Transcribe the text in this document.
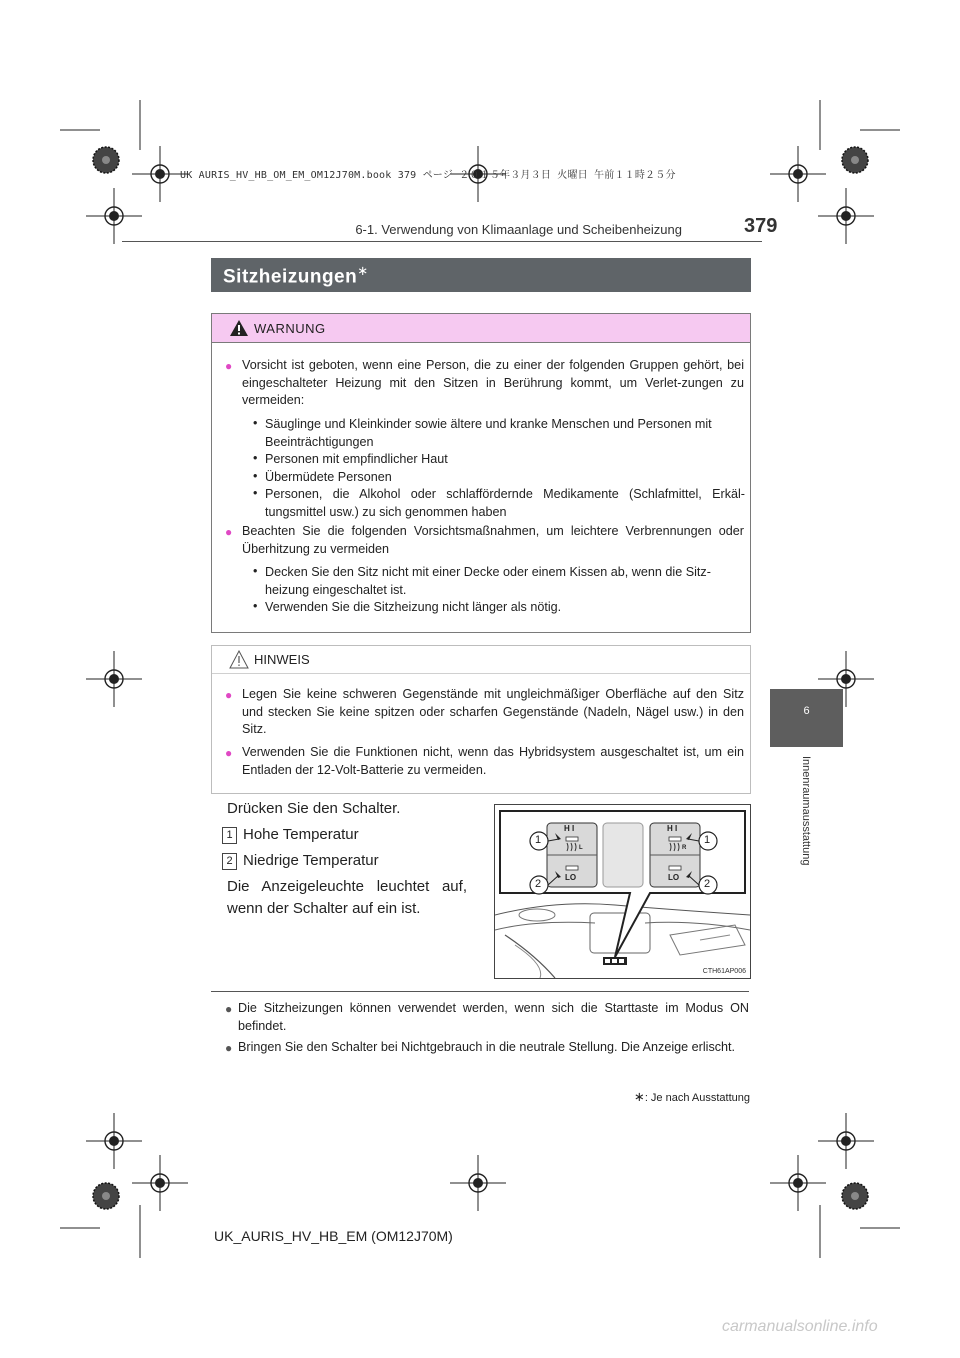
UK AURIS_HV_HB_OM_EM_OM12J70M.book 379 ページ ２０１５年３月３日 火曜日 午前１１時２５分
379
6-1. Verwendung von Klimaanlage und Scheibenheizung
6
Innenraumausstattung
Sitzheizungen∗
WARNUNG
● Vorsicht ist geboten, wenn eine Person, die zu einer der folgenden Gruppen gehört, bei eingeschalteter Heizung mit den Sitzen in Berührung kommt, um Verlet-zungen zu vermeiden:
• Säuglinge und Kleinkinder sowie ältere und kranke Menschen und Personen mit Beeinträchtigungen
• Personen mit empfindlicher Haut
• Übermüdete Personen
• Personen, die Alkohol oder schlaffördernde Medikamente (Schlafmittel, Erkäl-tungsmittel usw.) zu sich genommen haben
● Beachten Sie die folgenden Vorsichtsmaßnahmen, um leichtere Verbrennungen oder Überhitzung zu vermeiden
• Decken Sie den Sitz nicht mit einer Decke oder einem Kissen ab, wenn die Sitz-heizung eingeschaltet ist.
• Verwenden Sie die Sitzheizung nicht länger als nötig.
HINWEIS
● Legen Sie keine schweren Gegenstände mit ungleichmäßiger Oberfläche auf den Sitz und stecken Sie keine spitzen oder scharfen Gegenstände (Nadeln, Nägel usw.) in den Sitz.
● Verwenden Sie die Funktionen nicht, wenn das Hybridsystem ausgeschaltet ist, um ein Entladen der 12-Volt-Batterie zu vermeiden.
Drücken Sie den Schalter.
1 Hohe Temperatur
2 Niedrige Temperatur
Die Anzeigeleuchte leuchtet auf,
wenn der Schalter auf ein ist.
H I
LO
L
H I
LO
R
1
2
1
2
CTH61AP006
● Die Sitzheizungen können verwendet werden, wenn sich die Starttaste im Modus ON befindet.
● Bringen Sie den Schalter bei Nichtgebrauch in die neutrale Stellung. Die Anzeige erlischt.
∗: Je nach Ausstattung
UK_AURIS_HV_HB_EM (OM12J70M)
carmanualsonline.info
